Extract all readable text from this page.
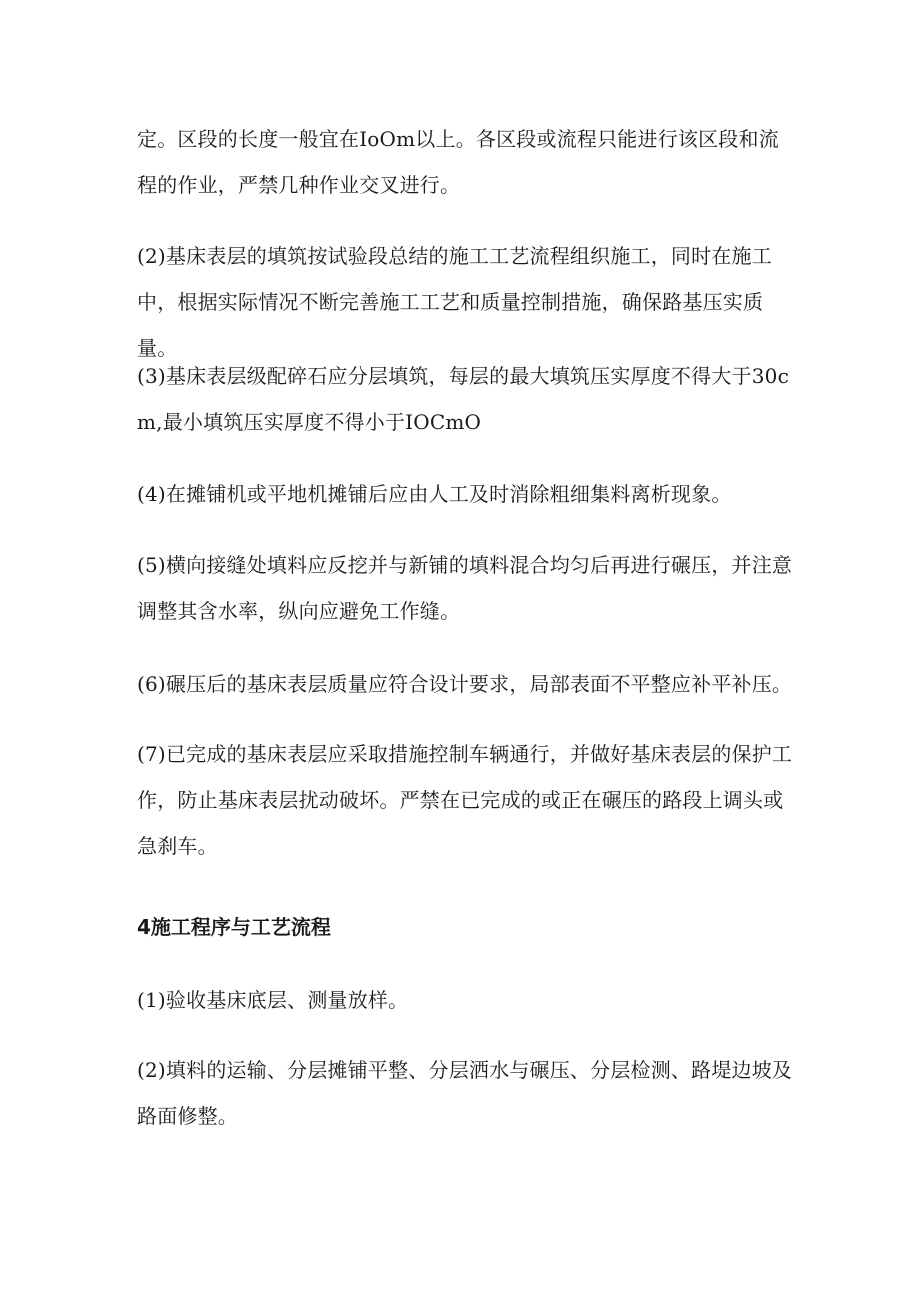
定。区段的长度一般宜在IoOm以上。各区段或流程只能进行该区段和流程的作业，严禁几种作业交叉进行。

(2)基床表层的填筑按试验段总结的施工工艺流程组织施工，同时在施工中，根据实际情况不断完善施工工艺和质量控制措施，确保路基压实质量。

(3)基床表层级配碎石应分层填筑，每层的最大填筑压实厚度不得大于30cm,最小填筑压实厚度不得小于IOCmO

(4)在摊铺机或平地机摊铺后应由人工及时消除粗细集料离析现象。

(5)横向接缝处填料应反挖并与新铺的填料混合均匀后再进行碾压，并注意调整其含水率，纵向应避免工作缝。

(6)碾压后的基床表层质量应符合设计要求，局部表面不平整应补平补压。

(7)已完成的基床表层应采取措施控制车辆通行，并做好基床表层的保护工作，防止基床表层扰动破坏。严禁在已完成的或正在碾压的路段上调头或急刹车。

4施工程序与工艺流程

(1)验收基床底层、测量放样。

(2)填料的运输、分层摊铺平整、分层洒水与碾压、分层检测、路堤边坡及路面修整。
